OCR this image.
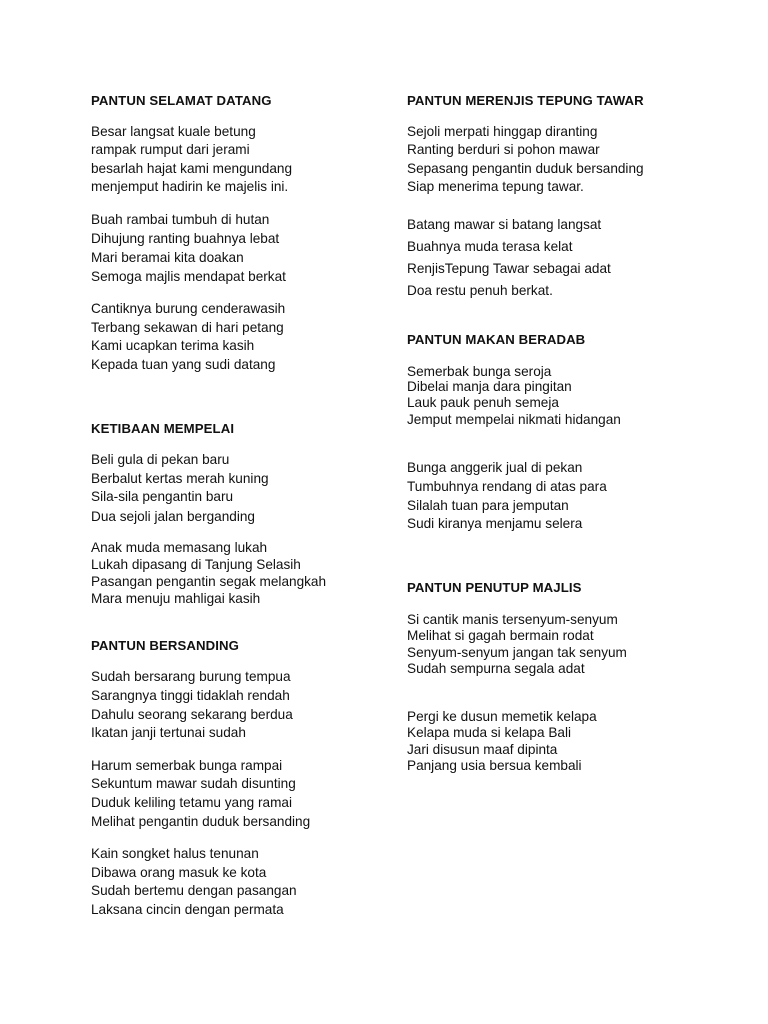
PANTUN SELAMAT DATANG
Besar langsat kuale betung
rampak rumput dari jerami
besarlah hajat kami mengundang
menjemput hadirin ke majelis ini.
Buah rambai tumbuh di hutan
Dihujung ranting buahnya lebat
Mari beramai kita doakan
Semoga majlis mendapat berkat
Cantiknya burung cenderawasih
Terbang sekawan di hari petang
Kami ucapkan terima kasih
Kepada tuan yang sudi datang
KETIBAAN MEMPELAI
Beli gula di pekan baru
Berbalut kertas merah kuning
Sila-sila pengantin baru
Dua sejoli jalan berganding
Anak muda memasang lukah
Lukah dipasang di Tanjung Selasih
Pasangan pengantin segak melangkah
Mara menuju mahligai kasih
PANTUN BERSANDING
Sudah bersarang burung tempua
Sarangnya tinggi tidaklah rendah
Dahulu seorang sekarang berdua
Ikatan janji tertunai sudah
Harum semerbak bunga rampai
Sekuntum mawar sudah disunting
Duduk keliling tetamu yang ramai
Melihat pengantin duduk bersanding
Kain songket halus tenunan
Dibawa orang masuk ke kota
Sudah bertemu dengan pasangan
Laksana cincin dengan permata
PANTUN MERENJIS TEPUNG TAWAR
Sejoli merpati hinggap diranting
Ranting berduri si pohon mawar
Sepasang pengantin duduk bersanding
Siap menerima tepung tawar.
Batang mawar si batang langsat
Buahnya muda terasa kelat
RenjisTepung Tawar sebagai adat
Doa restu penuh berkat.
PANTUN MAKAN BERADAB
Semerbak bunga seroja
Dibelai manja dara pingitan
Lauk pauk penuh semeja
Jemput mempelai nikmati hidangan
Bunga anggerik jual di pekan
Tumbuhnya rendang di atas para
Silalah tuan para jemputan
Sudi kiranya menjamu selera
PANTUN PENUTUP MAJLIS
Si cantik manis tersenyum-senyum
Melihat si gagah bermain rodat
Senyum-senyum jangan tak senyum
Sudah sempurna segala adat
Pergi ke dusun memetik kelapa
Kelapa muda si kelapa Bali
Jari disusun maaf dipinta
Panjang usia bersua kembali
